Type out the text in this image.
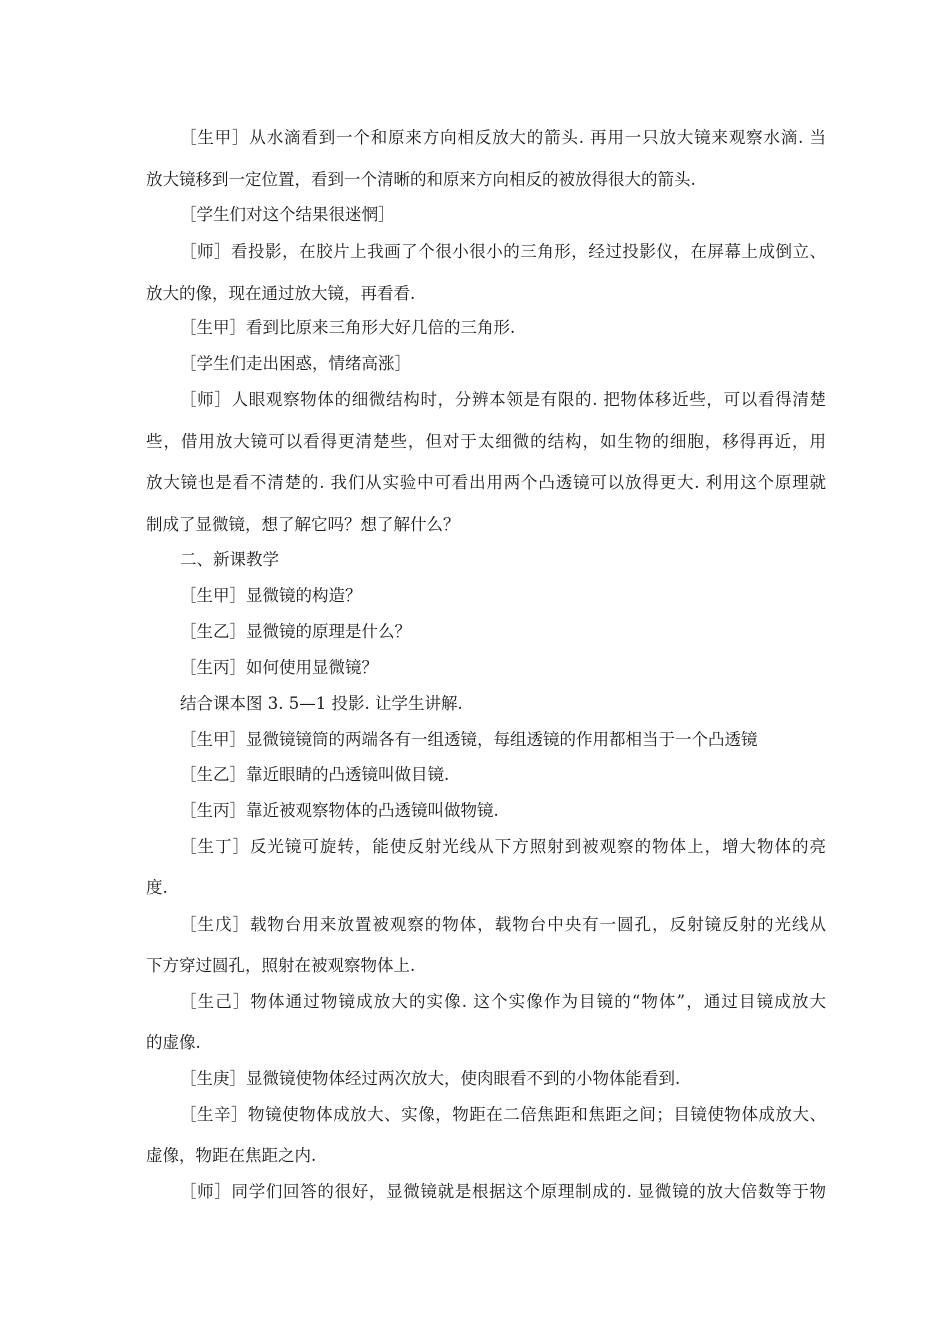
［生甲］从水滴看到一个和原来方向相反放大的箭头. 再用一只放大镜来观察水滴. 当
放大镜移到一定位置，看到一个清晰的和原来方向相反的被放得很大的箭头.
［学生们对这个结果很迷惘］
［师］看投影，在胶片上我画了个很小很小的三角形，经过投影仪，在屏幕上成倒立、
放大的像，现在通过放大镜，再看看.
［生甲］看到比原来三角形大好几倍的三角形.
［学生们走出困惑，情绪高涨］
［师］人眼观察物体的细微结构时，分辨本领是有限的. 把物体移近些，可以看得清楚
些，借用放大镜可以看得更清楚些，但对于太细微的结构，如生物的细胞，移得再近，用
放大镜也是看不清楚的. 我们从实验中可看出用两个凸透镜可以放得更大. 利用这个原理就
制成了显微镜，想了解它吗？想了解什么？
二、新课教学
［生甲］显微镜的构造？
［生乙］显微镜的原理是什么？
［生丙］如何使用显微镜？
结合课本图 3. 5—1 投影. 让学生讲解.
［生甲］显微镜镜筒的两端各有一组透镜，每组透镜的作用都相当于一个凸透镜
［生乙］靠近眼睛的凸透镜叫做目镜.
［生丙］靠近被观察物体的凸透镜叫做物镜.
［生丁］反光镜可旋转，能使反射光线从下方照射到被观察的物体上，增大物体的亮
度.
［生戊］载物台用来放置被观察的物体，载物台中央有一圆孔，反射镜反射的光线从
下方穿过圆孔，照射在被观察物体上.
［生己］物体通过物镜成放大的实像. 这个实像作为目镜的“物体”，通过目镜成放大
的虚像.
［生庚］显微镜使物体经过两次放大，使肉眼看不到的小物体能看到.
［生辛］物镜使物体成放大、实像，物距在二倍焦距和焦距之间；目镜使物体成放大、
虚像，物距在焦距之内.
［师］同学们回答的很好，显微镜就是根据这个原理制成的. 显微镜的放大倍数等于物
